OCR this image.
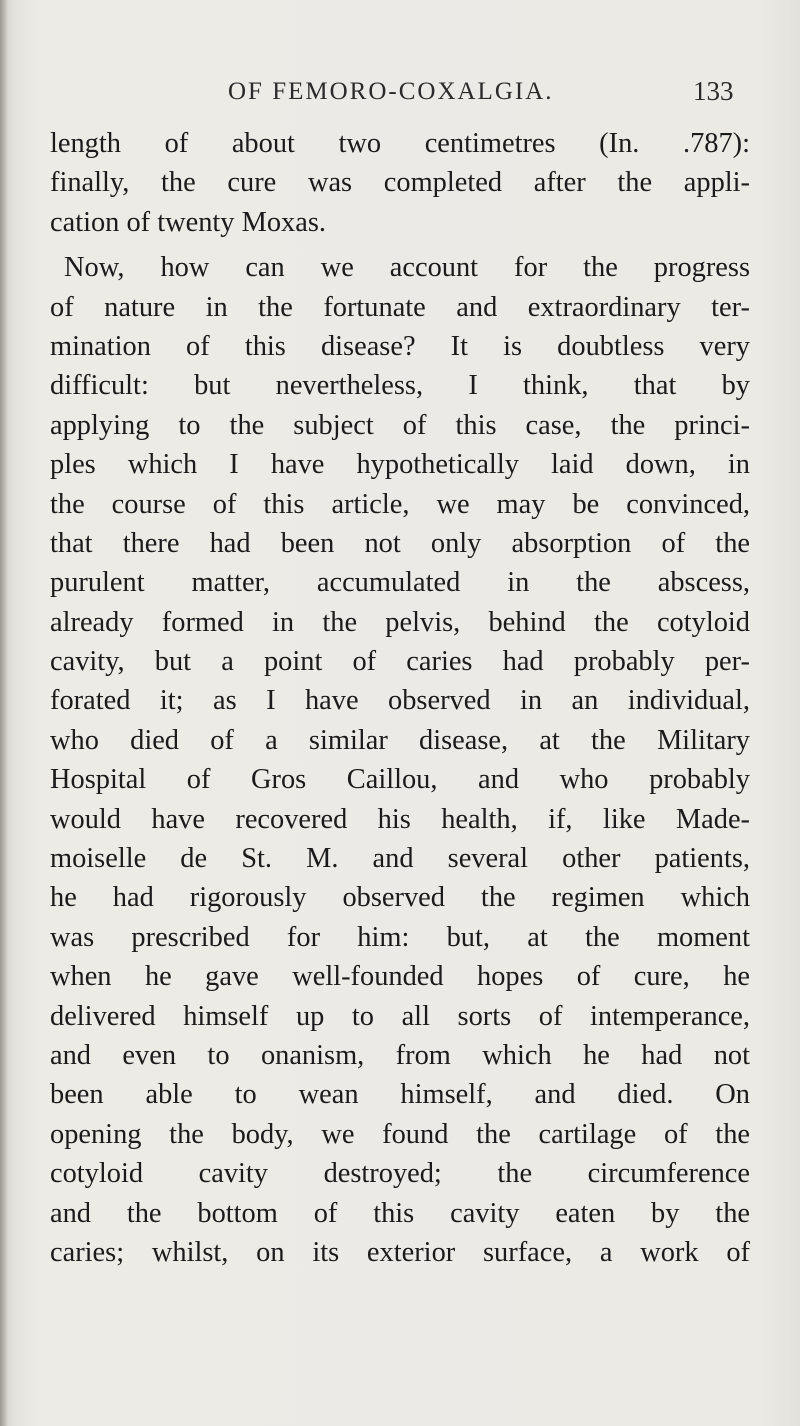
OF FEMORO-COXALGIA.	133
length of about two centimetres (In. .787):
finally, the cure was completed after the appli-
cation of twenty Moxas.
Now, how can we account for the progress
of nature in the fortunate and extraordinary ter-
mination of this disease? It is doubtless very
difficult: but nevertheless, I think, that by
applying to the subject of this case, the princi-
ples which I have hypothetically laid down, in
the course of this article, we may be convinced,
that there had been not only absorption of the
purulent matter, accumulated in the abscess,
already formed in the pelvis, behind the cotyloid
cavity, but a point of caries had probably per-
forated it; as I have observed in an individual,
who died of a similar disease, at the Military
Hospital of Gros Caillou, and who probably
would have recovered his health, if, like Made-
moiselle de St. M. and several other patients,
he had rigorously observed the regimen which
was prescribed for him: but, at the moment
when he gave well-founded hopes of cure, he
delivered himself up to all sorts of intemperance,
and even to onanism, from which he had not
been able to wean himself, and died. On
opening the body, we found the cartilage of the
cotyloid cavity destroyed; the circumference
and the bottom of this cavity eaten by the
caries; whilst, on its exterior surface, a work of
